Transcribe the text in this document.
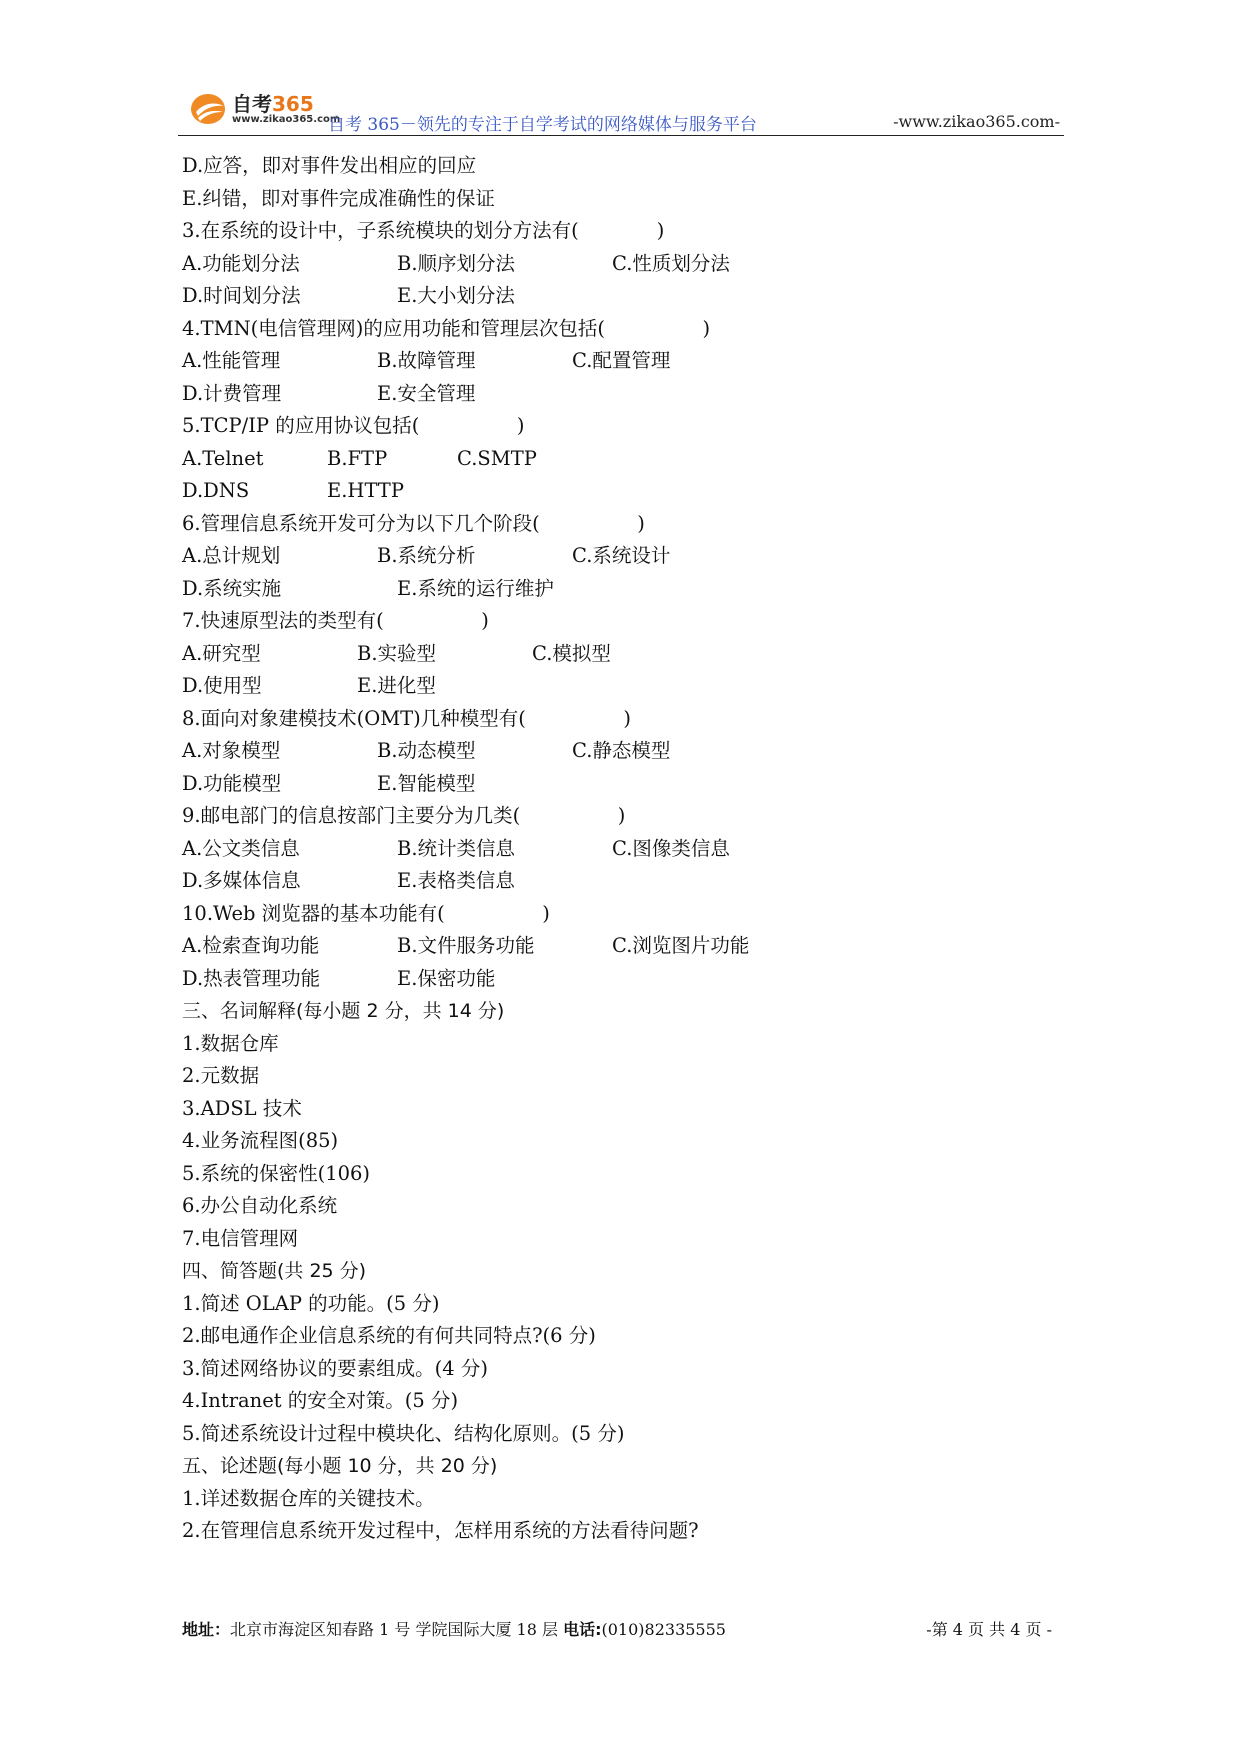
自考365
www.zikao365.com
自考 365－领先的专注于自学考试的网络媒体与服务平台	-www.zikao365.com-
D.应答，即对事件发出相应的回应
E.纠错，即对事件完成准确性的保证
3.在系统的设计中，子系统模块的划分方法有(　　　　)
A.功能划分法	B.顺序划分法	C.性质划分法
D.时间划分法	E.大小划分法
4.TMN(电信管理网)的应用功能和管理层次包括(　　　　　)
A.性能管理	B.故障管理	C.配置管理
D.计费管理	E.安全管理
5.TCP/IP 的应用协议包括(　　　　　)
A.Telnet	B.FTP	C.SMTP
D.DNS	E.HTTP
6.管理信息系统开发可分为以下几个阶段(　　　　　)
A.总计规划	B.系统分析	C.系统设计
D.系统实施	E.系统的运行维护
7.快速原型法的类型有(　　　　　)
A.研究型	B.实验型	C.模拟型
D.使用型	E.进化型
8.面向对象建模技术(OMT)几种模型有(　　　　　)
A.对象模型	B.动态模型	C.静态模型
D.功能模型	E.智能模型
9.邮电部门的信息按部门主要分为几类(　　　　　)
A.公文类信息	B.统计类信息	C.图像类信息
D.多媒体信息	E.表格类信息
10.Web 浏览器的基本功能有(　　　　　)
A.检索查询功能	B.文件服务功能	C.浏览图片功能
D.热表管理功能	E.保密功能
三、名词解释(每小题 2 分，共 14 分)
1.数据仓库
2.元数据
3.ADSL 技术
4.业务流程图(85)
5.系统的保密性(106)
6.办公自动化系统
7.电信管理网
四、简答题(共 25 分)
1.简述 OLAP 的功能。(5 分)
2.邮电通作企业信息系统的有何共同特点?(6 分)
3.简述网络协议的要素组成。(4 分)
4.Intranet 的安全对策。(5 分)
5.简述系统设计过程中模块化、结构化原则。(5 分)
五、论述题(每小题 10 分，共 20 分)
1.详述数据仓库的关键技术。
2.在管理信息系统开发过程中，怎样用系统的方法看待问题?
地址：北京市海淀区知春路 1 号 学院国际大厦 18 层 电话:(010)82335555	-第 4 页 共 4 页 -
